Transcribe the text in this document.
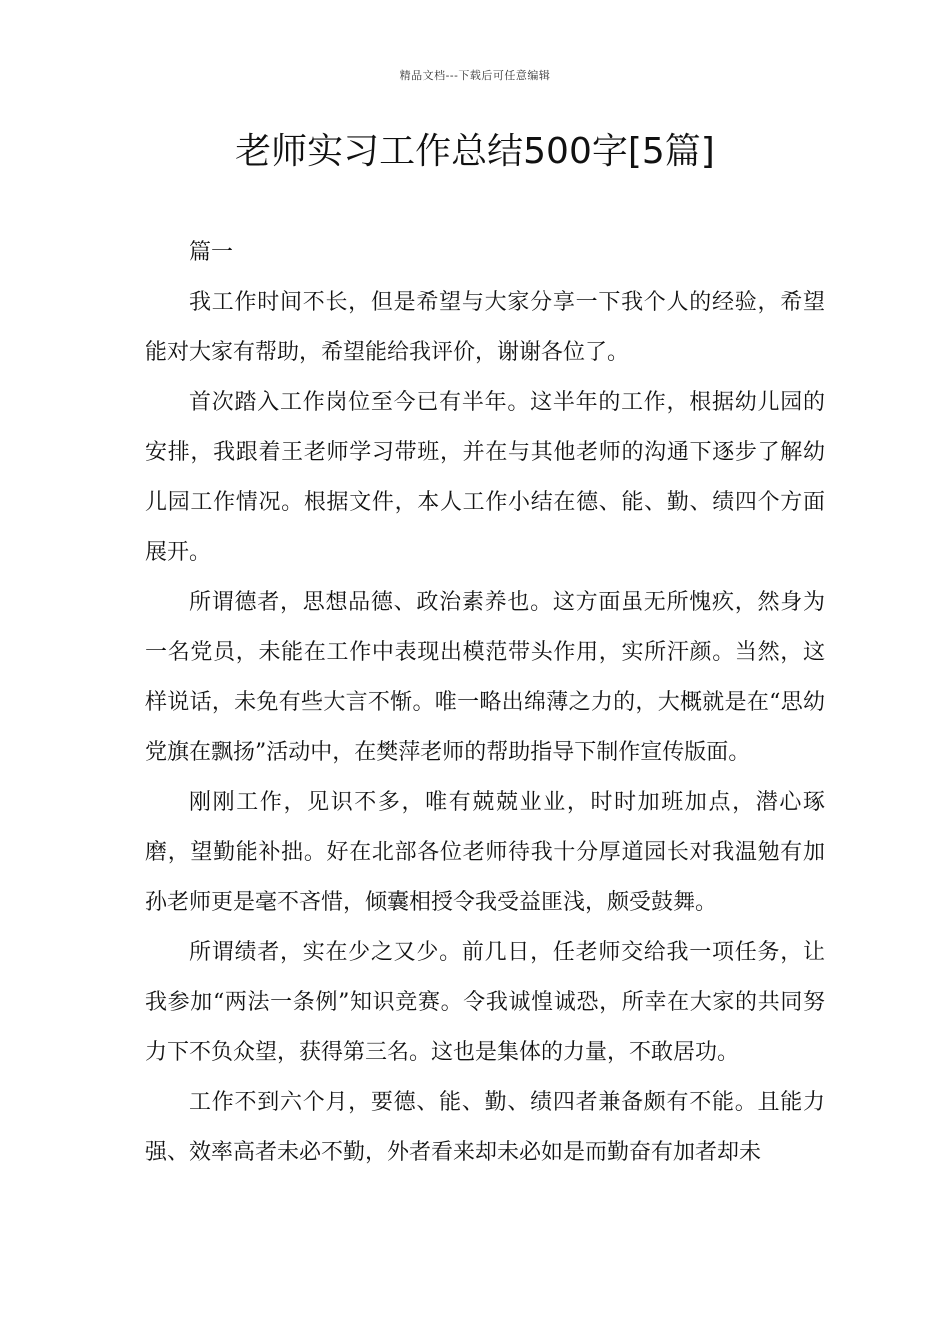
精品文档---下载后可任意编辑
老师实习工作总结500字[5篇]

篇一

我工作时间不长，但是希望与大家分享一下我个人的经验，希望能对大家有帮助，希望能给我评价，谢谢各位了。

首次踏入工作岗位至今已有半年。这半年的工作，根据幼儿园的安排，我跟着王老师学习带班，并在与其他老师的沟通下逐步了解幼儿园工作情况。根据文件，本人工作小结在德、能、勤、绩四个方面展开。

所谓德者，思想品德、政治素养也。这方面虽无所愧疚，然身为一名党员，未能在工作中表现出模范带头作用，实所汗颜。当然，这样说话，未免有些大言不惭。唯一略出绵薄之力的，大概就是在“思幼党旗在飘扬”活动中，在樊萍老师的帮助指导下制作宣传版面。

刚刚工作，见识不多，唯有兢兢业业，时时加班加点，潜心琢磨，望勤能补拙。好在北部各位老师待我十分厚道园长对我温勉有加孙老师更是毫不吝惜，倾囊相授令我受益匪浅，颇受鼓舞。

所谓绩者，实在少之又少。前几日，任老师交给我一项任务，让我参加“两法一条例”知识竞赛。令我诚惶诚恐，所幸在大家的共同努力下不负众望，获得第三名。这也是集体的力量，不敢居功。

工作不到六个月，要德、能、勤、绩四者兼备颇有不能。且能力强、效率高者未必不勤，外者看来却未必如是而勤奋有加者却未
